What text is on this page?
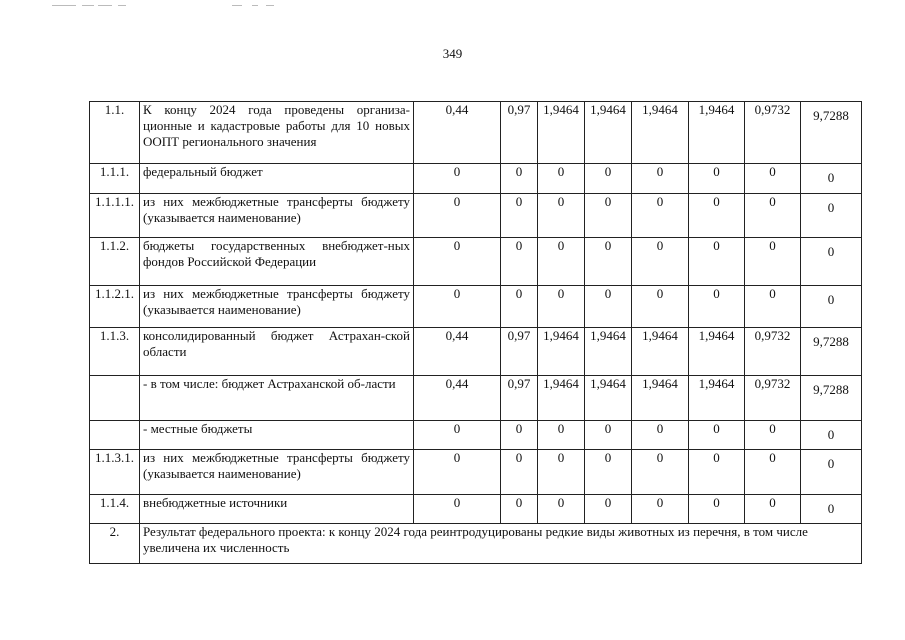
349
1.1.	К концу 2024 года проведены организа-ционные и кадастровые работы для 10 новых ООПТ регионального значения	0,44	0,97	1,9464	1,9464	1,9464	1,9464	0,9732	9,7288
1.1.1.	федеральный бюджет	0	0	0	0	0	0	0	0
1.1.1.1.	из них межбюджетные трансферты бюджету (указывается наименование)	0	0	0	0	0	0	0	0
1.1.2.	бюджеты государственных внебюджет-ных фондов Российской Федерации	0	0	0	0	0	0	0	0
1.1.2.1.	из них межбюджетные трансферты бюджету (указывается наименование)	0	0	0	0	0	0	0	0
1.1.3.	консолидированный бюджет Астрахан-ской области	0,44	0,97	1,9464	1,9464	1,9464	1,9464	0,9732	9,7288
	- в том числе: бюджет Астраханской об-ласти	0,44	0,97	1,9464	1,9464	1,9464	1,9464	0,9732	9,7288
	- местные бюджеты	0	0	0	0	0	0	0	0
1.1.3.1.	из них межбюджетные трансферты бюджету (указывается наименование)	0	0	0	0	0	0	0	0
1.1.4.	внебюджетные источники	0	0	0	0	0	0	0	0
2.	Результат федерального проекта: к концу 2024 года реинтродуцированы редкие виды животных из перечня, в том числе увеличена их численность								
